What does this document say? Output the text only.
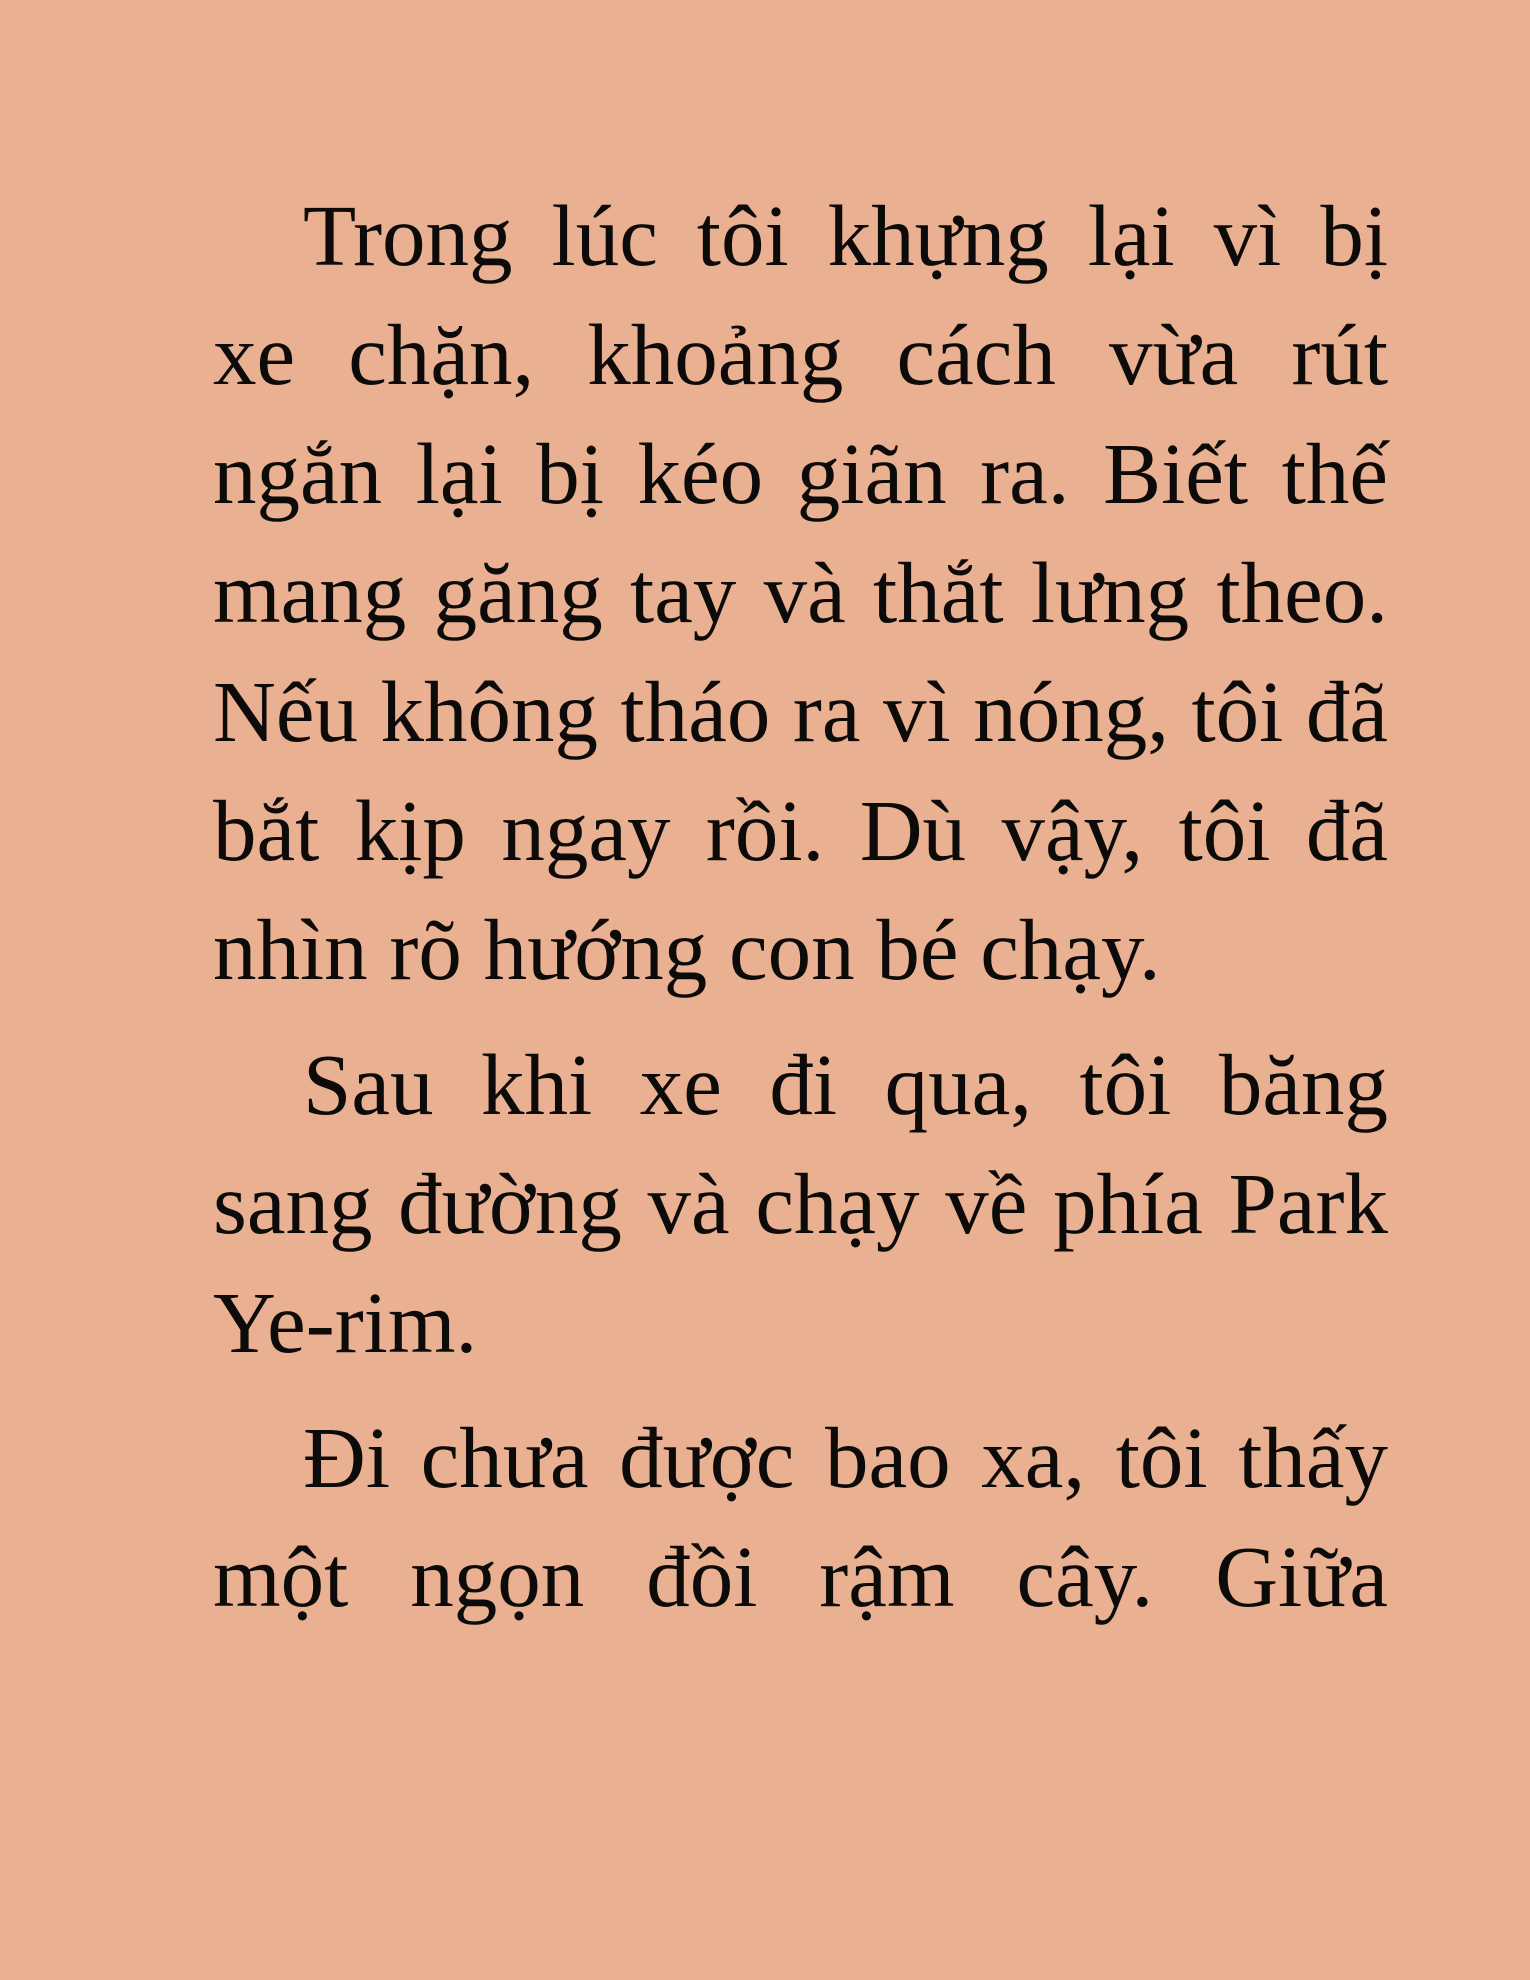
Trong lúc tôi khựng lại vì bị xe chặn, khoảng cách vừa rút ngắn lại bị kéo giãn ra. Biết thế mang găng tay và thắt lưng theo. Nếu không tháo ra vì nóng, tôi đã bắt kịp ngay rồi. Dù vậy, tôi đã nhìn rõ hướng con bé chạy.

Sau khi xe đi qua, tôi băng sang đường và chạy về phía Park Ye-rim.

Đi chưa được bao xa, tôi thấy một ngọn đồi rậm cây. Giữa
